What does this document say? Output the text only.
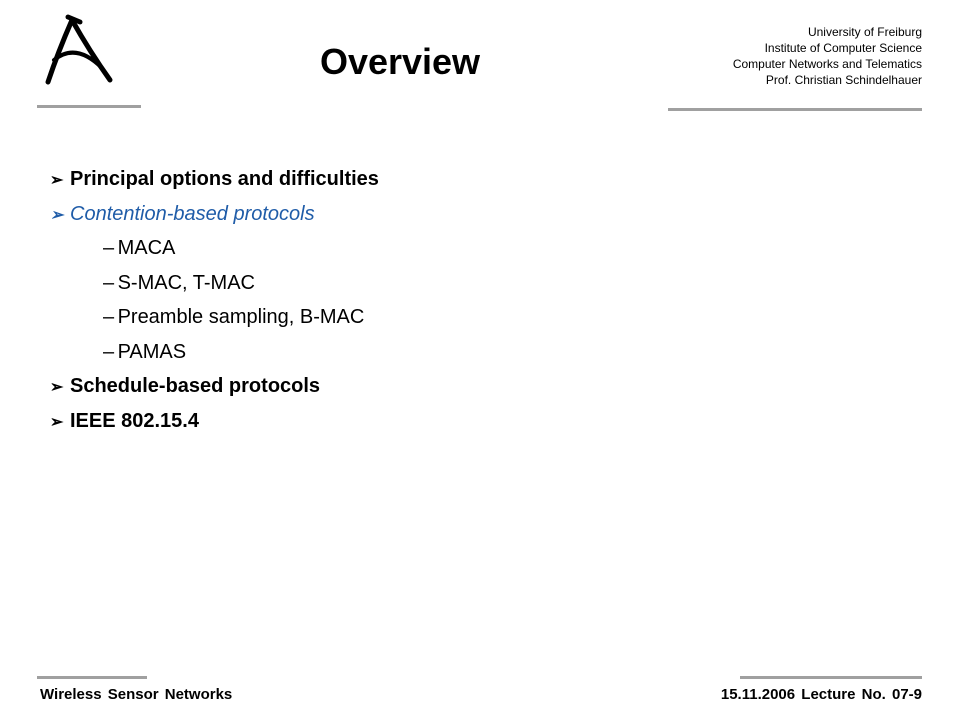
Overview
University of Freiburg
Institute of Computer Science
Computer Networks and Telematics
Prof. Christian Schindelhauer
➢ Principal options and difficulties
➢ Contention-based protocols
– MACA
– S-MAC, T-MAC
– Preamble sampling, B-MAC
– PAMAS
➢ Schedule-based protocols
➢ IEEE 802.15.4
Wireless Sensor Networks	15.11.2006 Lecture No. 07-9
